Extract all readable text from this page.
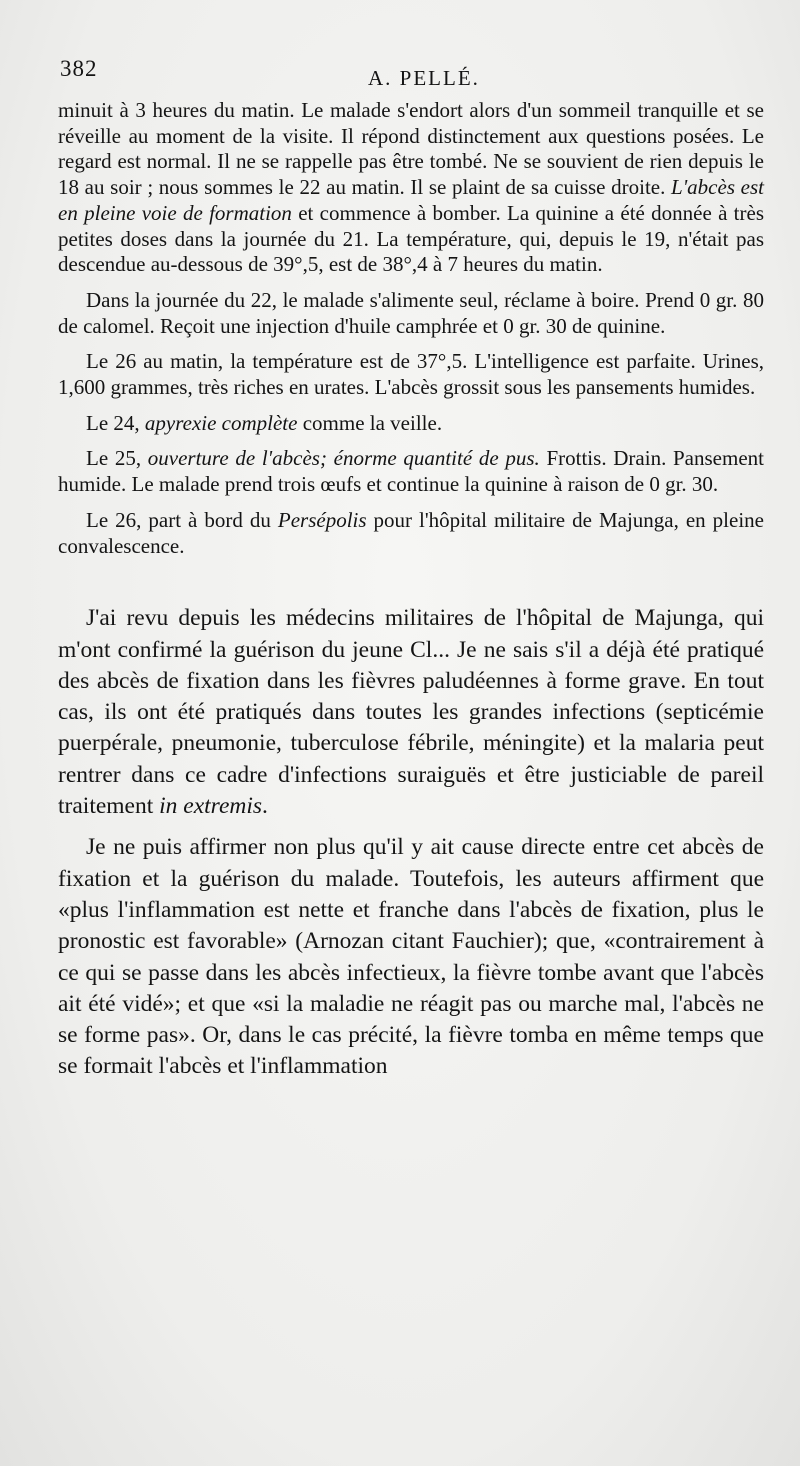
382	A. PELLÉ.

minuit à 3 heures du matin. Le malade s'endort alors d'un sommeil tranquille et se réveille au moment de la visite. Il répond distinctement aux questions posées. Le regard est normal. Il ne se rappelle pas être tombé. Ne se souvient de rien depuis le 18 au soir ; nous sommes le 22 au matin. Il se plaint de sa cuisse droite. L'abcès est en pleine voie de formation et commence à bomber. La quinine a été donnée à très petites doses dans la journée du 21. La température, qui, depuis le 19, n'était pas descendue au-dessous de 39°,5, est de 38°,4 à 7 heures du matin.

Dans la journée du 22, le malade s'alimente seul, réclame à boire. Prend 0 gr. 80 de calomel. Reçoit une injection d'huile camphrée et 0 gr. 30 de quinine.

Le 26 au matin, la température est de 37°,5. L'intelligence est parfaite. Urines, 1,600 grammes, très riches en urates. L'abcès grossit sous les pansements humides.

Le 24, apyrexie complète comme la veille.

Le 25, ouverture de l'abcès; énorme quantité de pus. Frottis. Drain. Pansement humide. Le malade prend trois œufs et continue la quinine à raison de 0 gr. 30.

Le 26, part à bord du Persépolis pour l'hôpital militaire de Majunga, en pleine convalescence.

J'ai revu depuis les médecins militaires de l'hôpital de Majunga, qui m'ont confirmé la guérison du jeune Cl... Je ne sais s'il a déjà été pratiqué des abcès de fixation dans les fièvres paludéennes à forme grave. En tout cas, ils ont été pratiqués dans toutes les grandes infections (septicémie puerpérale, pneumonie, tuberculose fébrile, méningite) et la malaria peut rentrer dans ce cadre d'infections suraiguës et être justiciable de pareil traitement in extremis.

Je ne puis affirmer non plus qu'il y ait cause directe entre cet abcès de fixation et la guérison du malade. Toutefois, les auteurs affirment que «plus l'inflammation est nette et franche dans l'abcès de fixation, plus le pronostic est favorable» (Arnozan citant Fauchier); que, «contrairement à ce qui se passe dans les abcès infectieux, la fièvre tombe avant que l'abcès ait été vidé»; et que «si la maladie ne réagit pas ou marche mal, l'abcès ne se forme pas». Or, dans le cas précité, la fièvre tomba en même temps que se formait l'abcès et l'inflammation
